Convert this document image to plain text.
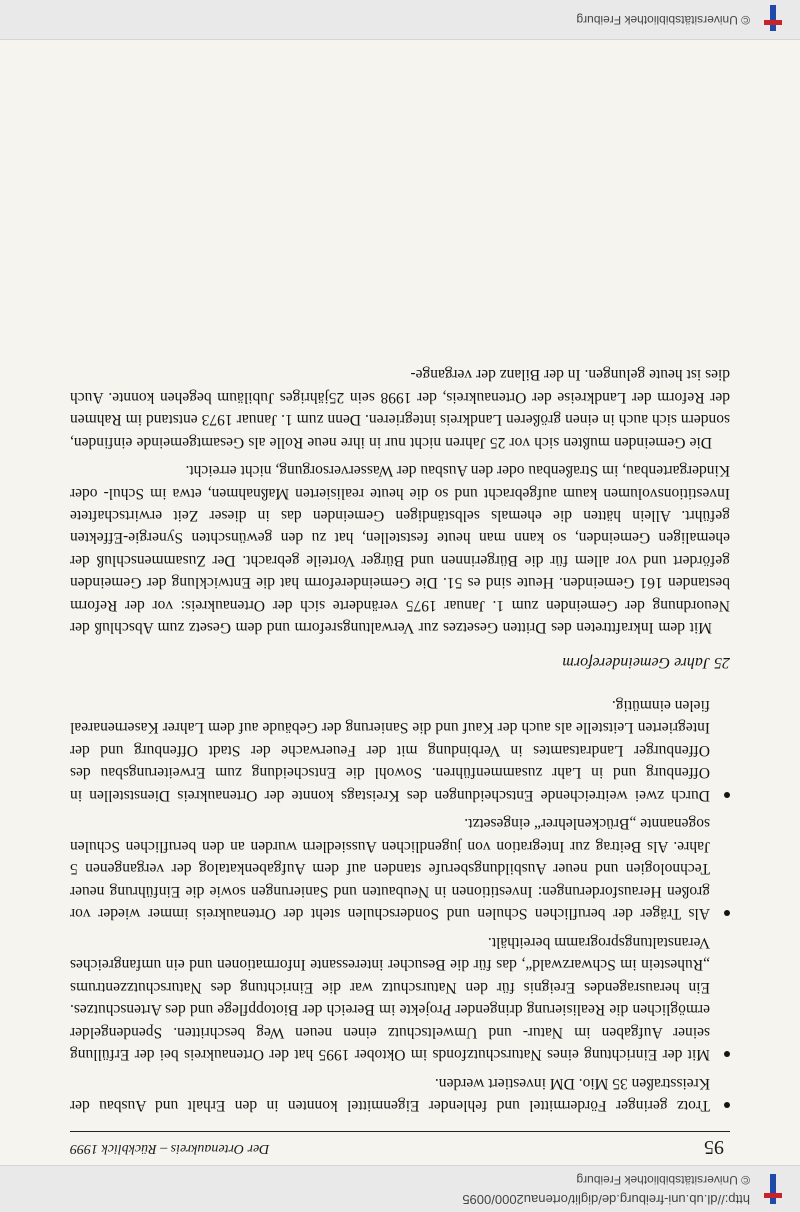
http://dl.ub.uni-freiburg.de/diglit/ortenau2000/0095
© Universitätsbibliothek Freiburg
95
Der Ortenaukreis – Rückblick 1999
Trotz geringer Fördermittel und fehlender Eigenmittel konnten in den Erhalt und Ausbau der Kreisstraßen 35 Mio. DM investiert werden.
Mit der Einrichtung eines Naturschutzfonds im Oktober 1995 hat der Ortenaukreis bei der Erfüllung seiner Aufgaben im Natur- und Umweltschutz einen neuen Weg beschritten. Spendengelder ermöglichen die Realisierung dringender Projekte im Bereich der Biotoppflege und des Artenschutzes. Ein herausragendes Ereignis für den Naturschutz war die Einrichtung des Naturschutzzentrums „Ruhestein im Schwarzwald“, das für die Besucher interessante Informationen und ein umfangreiches Veranstaltungsprogramm bereithält.
Als Träger der beruflichen Schulen und Sonderschulen steht der Ortenaukreis immer wieder vor großen Herausforderungen: Investitionen in Neubauten und Sanierungen sowie die Einführung neuer Technologien und neuer Ausbildungsberufe standen auf dem Aufgabenkatalog der vergangenen 5 Jahre. Als Beitrag zur Integration von jugendlichen Aussiedlern wurden an den beruflichen Schulen sogenannte „Brückenlehrer“ eingesetzt.
Durch zwei weitreichende Entscheidungen des Kreistags konnte der Ortenaukreis Dienststellen in Offenburg und in Lahr zusammenführen. Sowohl die Entscheidung zum Erweiterungsbau des Offenburger Landratsamtes in Verbindung mit der Feuerwache der Stadt Offenburg und der Integrierten Leitstelle als auch der Kauf und die Sanierung der Gebäude auf dem Lahrer Kasernenareal fielen einmütig.
25 Jahre Gemeindereform
Mit dem Inkrafttreten des Dritten Gesetzes zur Verwaltungsreform und dem Gesetz zum Abschluß der Neuordnung der Gemeinden zum 1. Januar 1975 veränderte sich der Ortenaukreis: vor der Reform bestanden 161 Gemeinden. Heute sind es 51. Die Gemeindereform hat die Entwicklung der Gemeinden gefördert und vor allem für die Bürgerinnen und Bürger Vorteile gebracht. Der Zusammenschluß der ehemaligen Gemeinden, so kann man heute feststellen, hat zu den gewünschten Synergie-Effekten geführt. Allein hätten die ehemals selbständigen Gemeinden das in dieser Zeit erwirtschaftete Investitionsvolumen kaum aufgebracht und so die heute realisierten Maßnahmen, etwa im Schul- oder Kindergartenbau, im Straßenbau oder den Ausbau der Wasserversorgung, nicht erreicht.
Die Gemeinden mußten sich vor 25 Jahren nicht nur in ihre neue Rolle als Gesamtgemeinde einfinden, sondern sich auch in einen größeren Landkreis integrieren. Denn zum 1. Januar 1973 entstand im Rahmen der Reform der Landkreise der Ortenaukreis, der 1998 sein 25jähriges Jubiläum begehen konnte. Auch dies ist heute gelungen. In der Bilanz der vergange-
© Universitätsbibliothek Freiburg
